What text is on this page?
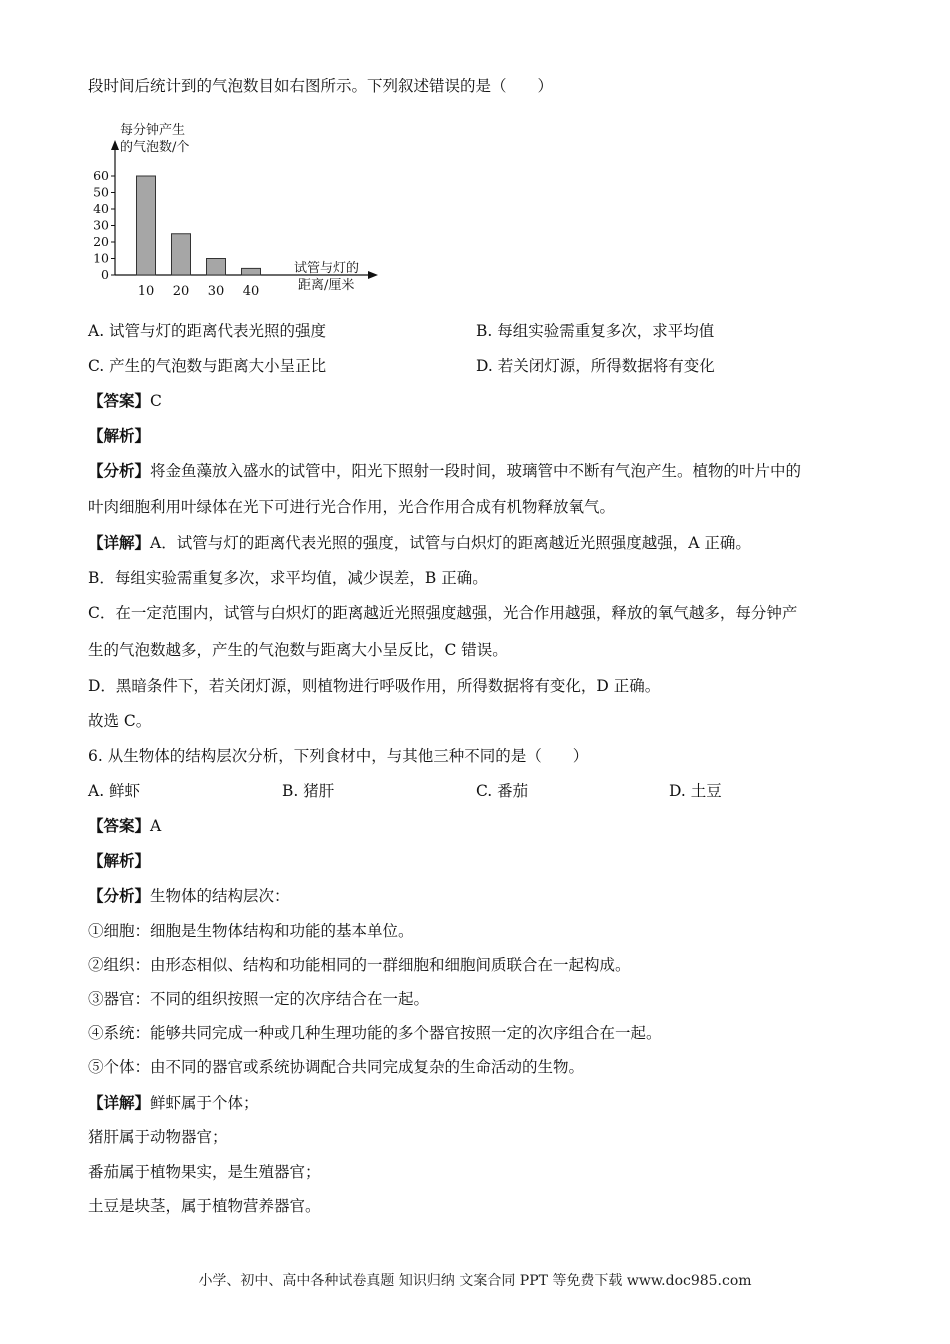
段时间后统计到的气泡数目如右图所示。下列叙述错误的是（　　）
每分钟产生
的气泡数/个
0
10
20
30
40
50
60
10 20 30 40
试管与灯的
距离/厘米
A. 试管与灯的距离代表光照的强度	B. 每组实验需重复多次，求平均值
C. 产生的气泡数与距离大小呈正比	D. 若关闭灯源，所得数据将有变化
【答案】C
【解析】
【分析】将金鱼藻放入盛水的试管中，阳光下照射一段时间，玻璃管中不断有气泡产生。植物的叶片中的
叶肉细胞利用叶绿体在光下可进行光合作用，光合作用合成有机物释放氧气。
【详解】A．试管与灯的距离代表光照的强度，试管与白炽灯的距离越近光照强度越强，A 正确。
B．每组实验需重复多次，求平均值，减少误差，B 正确。
C．在一定范围内，试管与白炽灯的距离越近光照强度越强，光合作用越强，释放的氧气越多，每分钟产
生的气泡数越多，产生的气泡数与距离大小呈反比，C 错误。
D．黑暗条件下，若关闭灯源，则植物进行呼吸作用，所得数据将有变化，D 正确。
故选 C。
6. 从生物体的结构层次分析，下列食材中，与其他三种不同的是（　　）
A. 鲜虾	B. 猪肝	C. 番茄	D. 土豆
【答案】A
【解析】
【分析】生物体的结构层次：
①细胞：细胞是生物体结构和功能的基本单位。
②组织：由形态相似、结构和功能相同的一群细胞和细胞间质联合在一起构成。
③器官：不同的组织按照一定的次序结合在一起。
④系统：能够共同完成一种或几种生理功能的多个器官按照一定的次序组合在一起。
⑤个体：由不同的器官或系统协调配合共同完成复杂的生命活动的生物。
【详解】鲜虾属于个体；
猪肝属于动物器官；
番茄属于植物果实，是生殖器官；
土豆是块茎，属于植物营养器官。
小学、初中、高中各种试卷真题 知识归纳 文案合同 PPT 等免费下载 www.doc985.com
